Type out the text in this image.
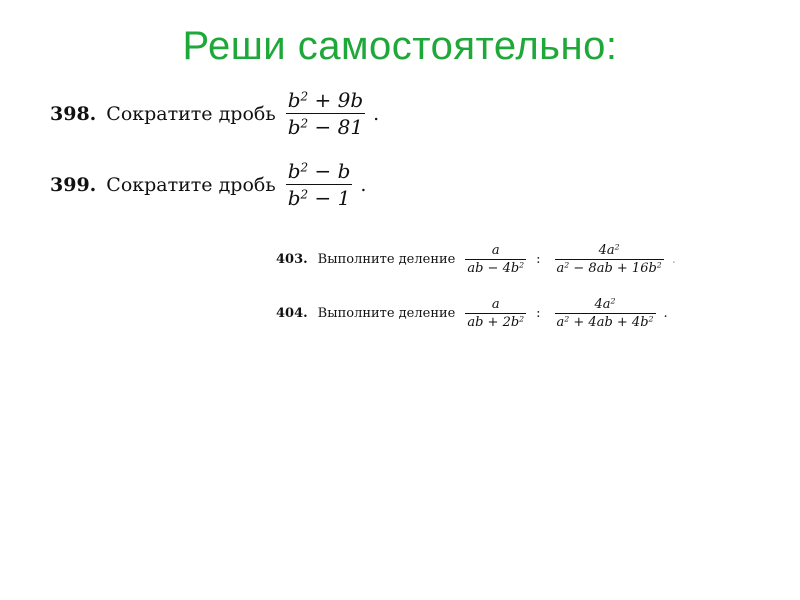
Реши самостоятельно:
398. Сократите дробь $\frac{b^2 + 9b}{b^2 - 81}$ .
399. Сократите дробь $\frac{b^2 - b}{b^2 - 1}$ .
403. Выполните деление $\frac{a}{ab - 4b^2}$ : $\frac{4a^2}{a^2 - 8ab + 16b^2}$ .
404. Выполните деление $\frac{a}{ab + 2b^2}$ : $\frac{4a^2}{a^2 + 4ab + 4b^2}$ .
